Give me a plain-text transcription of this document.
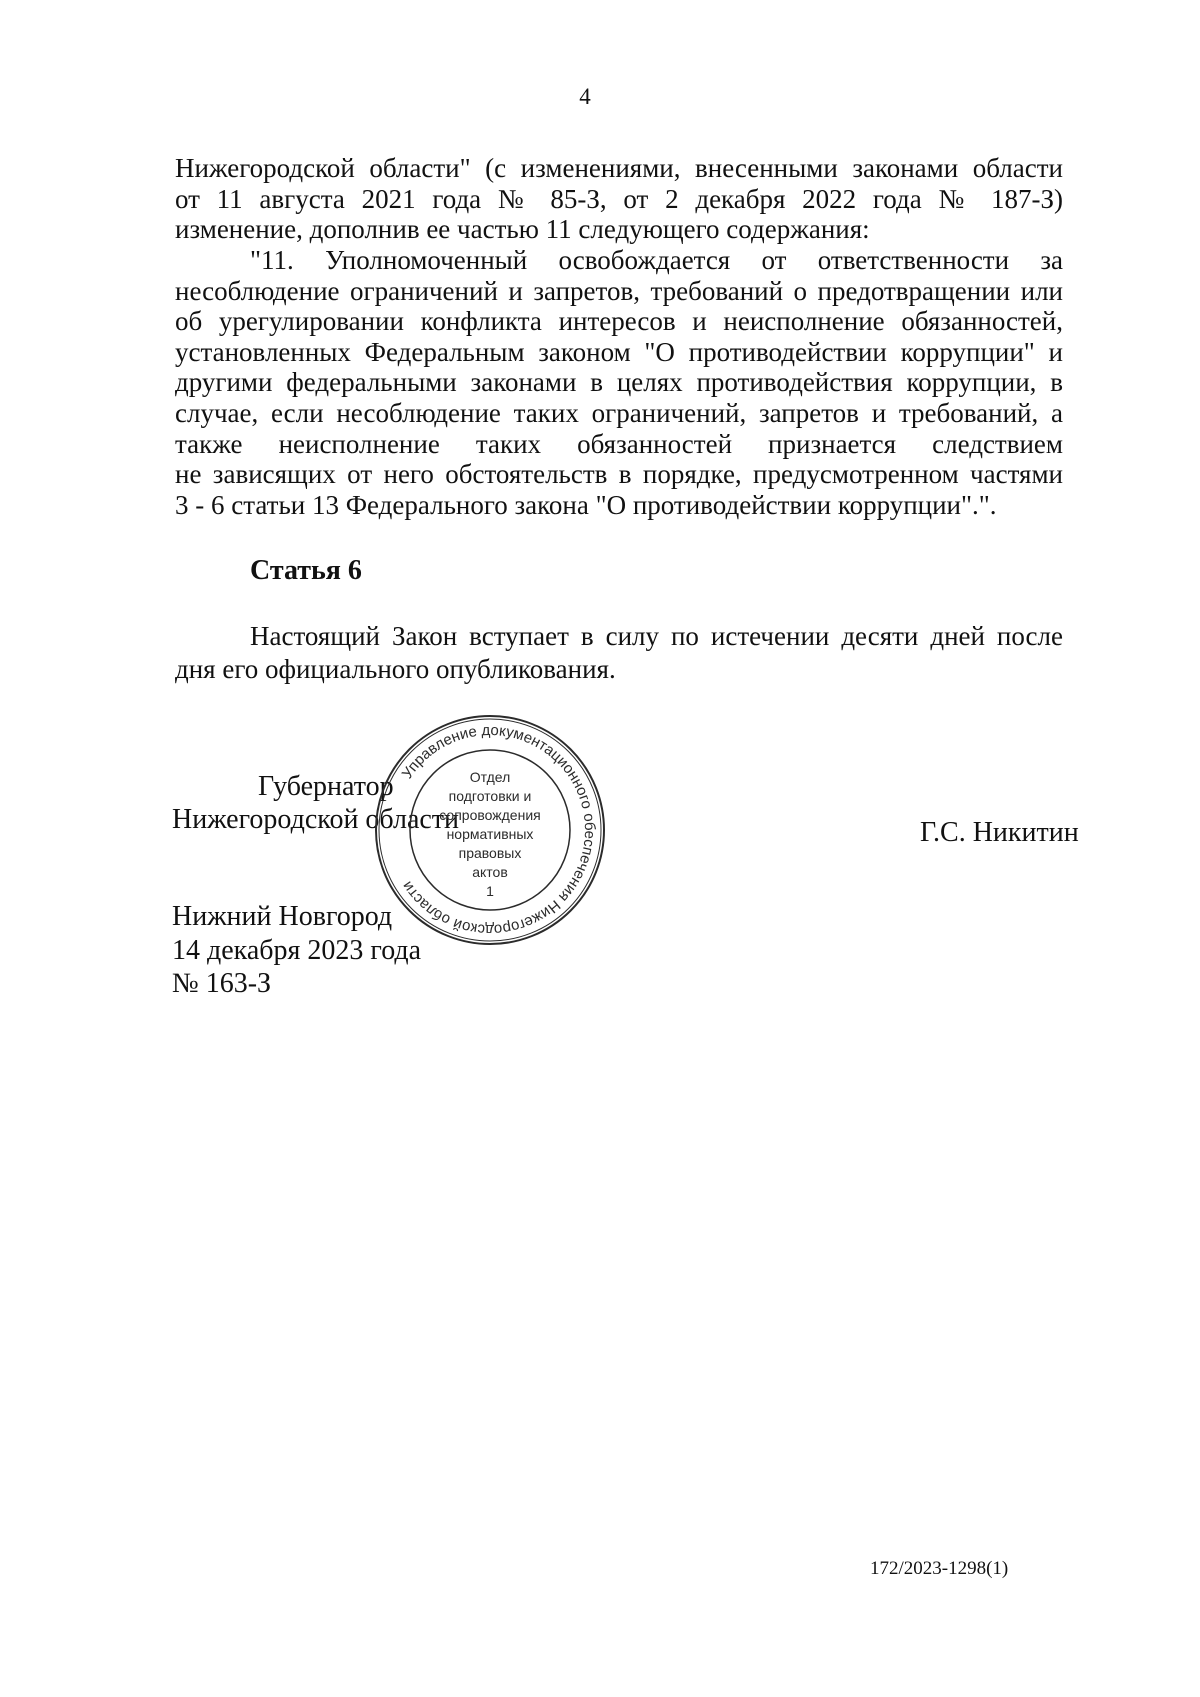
4
Нижегородской области" (с изменениями, внесенными законами области
от 11 августа 2021 года № 85-З, от 2 декабря 2022 года № 187-З)
изменение, дополнив ее частью 11 следующего содержания:
"11. Уполномоченный освобождается от ответственности за
несоблюдение ограничений и запретов, требований о предотвращении или
об урегулировании конфликта интересов и неисполнение обязанностей,
установленных Федеральным законом "О противодействии коррупции" и
другими федеральными законами в целях противодействия коррупции, в
случае, если несоблюдение таких ограничений, запретов и требований, а
также неисполнение таких обязанностей признается следствием
не зависящих от него обстоятельств в порядке, предусмотренном частями
3 - 6 статьи 13 Федерального закона "О противодействии коррупции".".
Статья 6
Настоящий Закон вступает в силу по истечении десяти дней после
дня его официального опубликования.
Губернатор
Нижегородской области	Г.С. Никитин
Нижний Новгород
14 декабря 2023 года
№ 163-З
Управление документационного обеспечения Нижегородской области
Отдел
подготовки и
сопровождения
нормативных
правовых
актов
1
172/2023-1298(1)
